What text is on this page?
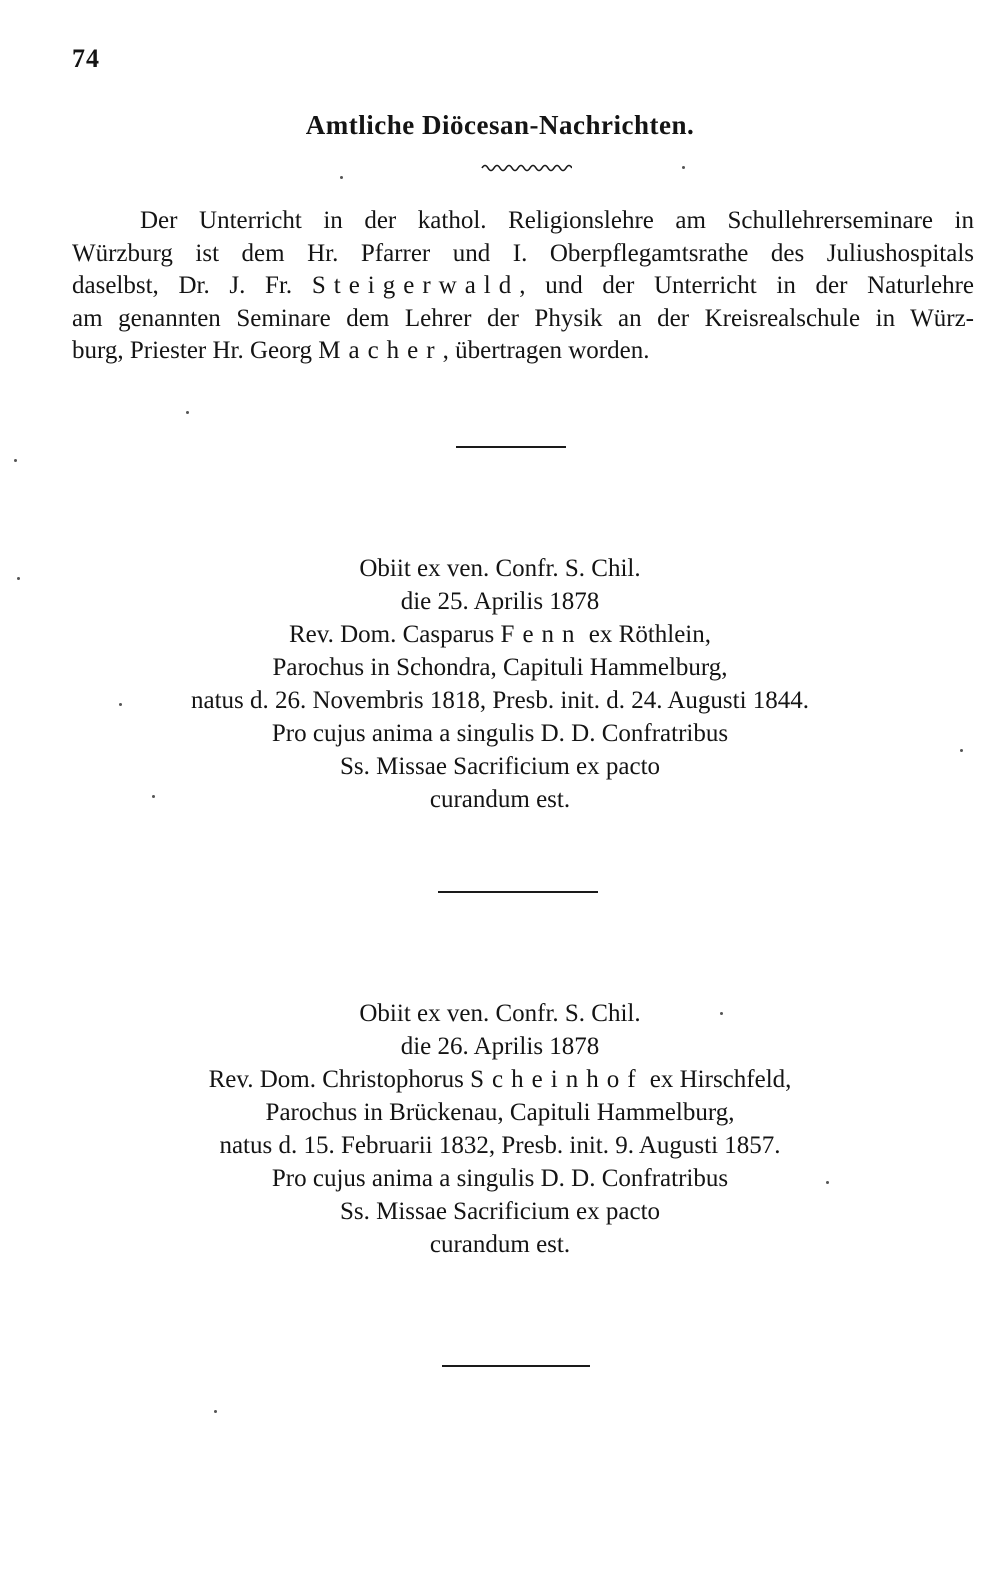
74
Amtliche Diöcesan-Nachrichten.
Der Unterricht in der kathol. Religionslehre am Schullehrerseminare in
Würzburg ist dem Hr. Pfarrer und I. Oberpflegamtsrathe des Juliushospitals
daselbst, Dr. J. Fr. Steigerwald, und der Unterricht in der Naturlehre
am genannten Seminare dem Lehrer der Physik an der Kreisrealschule in Würz-
burg, Priester Hr. Georg Macher, übertragen worden.
Obiit ex ven. Confr. S. Chil.
die 25. Aprilis 1878
Rev. Dom. Casparus Fenn ex Röthlein,
Parochus in Schondra, Capituli Hammelburg,
natus d. 26. Novembris 1818, Presb. init. d. 24. Augusti 1844.
Pro cujus anima a singulis D. D. Confratribus
Ss. Missae Sacrificium ex pacto
curandum est.
Obiit ex ven. Confr. S. Chil.
die 26. Aprilis 1878
Rev. Dom. Christophorus Scheinhof ex Hirschfeld,
Parochus in Brückenau, Capituli Hammelburg,
natus d. 15. Februarii 1832, Presb. init. 9. Augusti 1857.
Pro cujus anima a singulis D. D. Confratribus
Ss. Missae Sacrificium ex pacto
curandum est.
